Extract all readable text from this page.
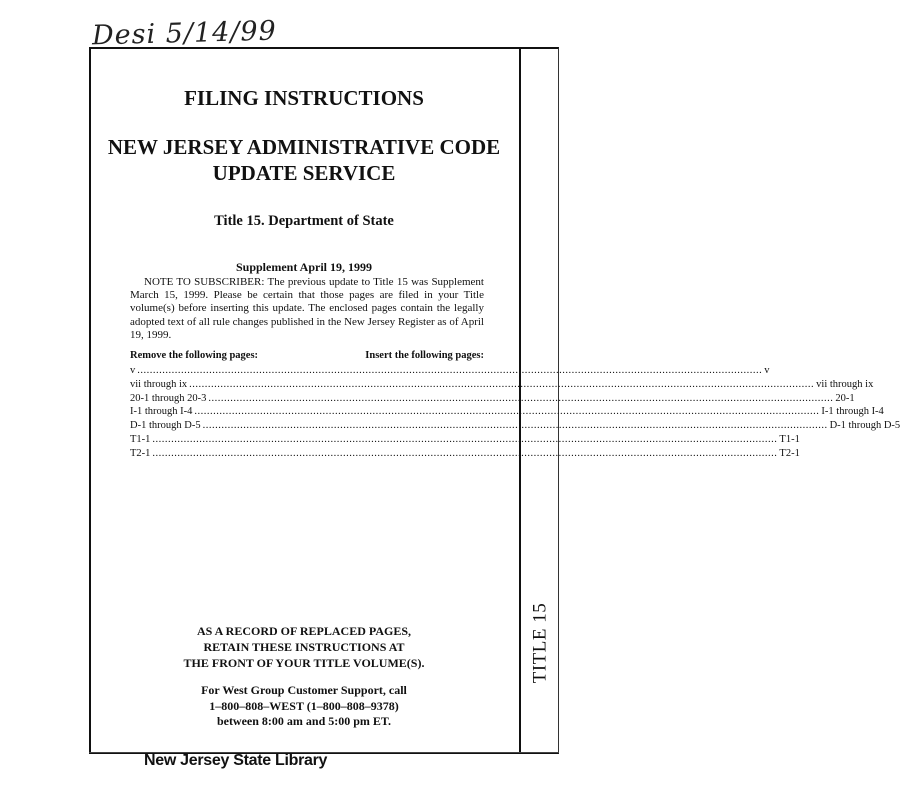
Desi 5/14/99
TITLE 15
FILING INSTRUCTIONS
NEW JERSEY ADMINISTRATIVE CODE
UPDATE SERVICE
Title 15. Department of State
Supplement April 19, 1999
NOTE TO SUBSCRIBER: The previous update to Title 15 was Supplement March 15, 1999. Please be certain that those pages are filed in your Title volume(s) before inserting this update. The enclosed pages contain the legally adopted text of all rule changes published in the New Jersey Register as of April 19, 1999.
Remove the following pages:	Insert the following pages:
v ........................................................................................................................................................................................................ v
vii through ix ........................................................................................................................................................................................................ vii through ix
20-1 through 20-3 ........................................................................................................................................................................................................ 20-1
I-1 through I-4 ........................................................................................................................................................................................................ I-1 through I-4
D-1 through D-5 ........................................................................................................................................................................................................ D-1 through D-5
T1-1 ........................................................................................................................................................................................................ T1-1
T2-1 ........................................................................................................................................................................................................ T2-1
AS A RECORD OF REPLACED PAGES,
RETAIN THESE INSTRUCTIONS AT
THE FRONT OF YOUR TITLE VOLUME(S).
For West Group Customer Support, call
1–800–808–WEST (1–800–808–9378)
between 8:00 am and 5:00 pm ET.
New Jersey State Library
